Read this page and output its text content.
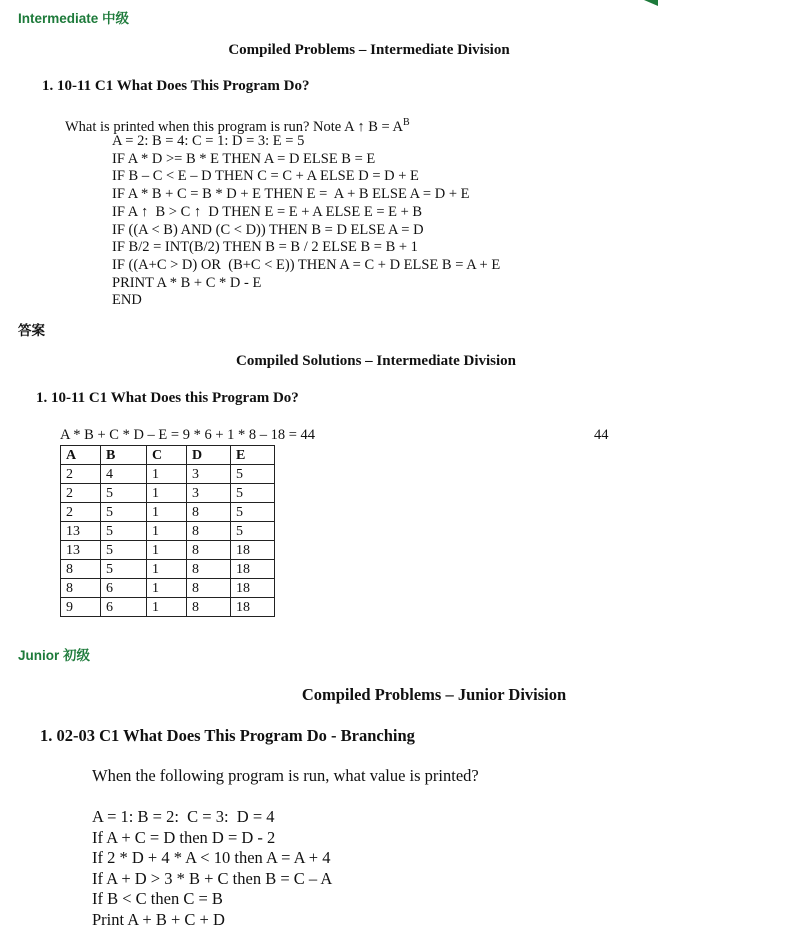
Intermediate 中级
Compiled Problems – Intermediate Division
1. 10-11 C1 What Does This Program Do?
What is printed when this program is run? Note A ↑ $B = A^B$
A = 2: B = 4: C = 1: D = 3: E = 5
IF A * D >= B * E THEN A = D ELSE B = E
IF B – C < E – D THEN C = C + A ELSE D = D + E
IF A * B + C = B * D + E THEN E =  A + B ELSE A = D + E
IF A ↑  B > C ↑  D THEN E = E + A ELSE E = E + B
IF ((A < B) AND (C < D)) THEN B = D ELSE A = D
IF B/2 = INT(B/2) THEN B = B / 2 ELSE B = B + 1
IF ((A+C > D) OR  (B+C < E)) THEN A = C + D ELSE B = A + E
PRINT A * B + C * D - E
END
答案
Compiled Solutions – Intermediate Division
1. 10-11 C1 What Does this Program Do?
A * B + C * D – E = 9 * 6 + 1 * 8 – 18 = 44	44
A	B	C	D	E
2	4	1	3	5
2	5	1	3	5
2	5	1	8	5
13	5	1	8	5
13	5	1	8	18
8	5	1	8	18
8	6	1	8	18
9	6	1	8	18
Junior 初级
Compiled Problems – Junior Division
1. 02-03 C1 What Does This Program Do - Branching
When the following program is run, what value is printed?
A = 1: B = 2:  C = 3:  D = 4
If A + C = D then D = D - 2
If 2 * D + 4 * A < 10 then A = A + 4
If A + D > 3 * B + C then B = C – A
If B < C then C = B
Print A + B + C + D
